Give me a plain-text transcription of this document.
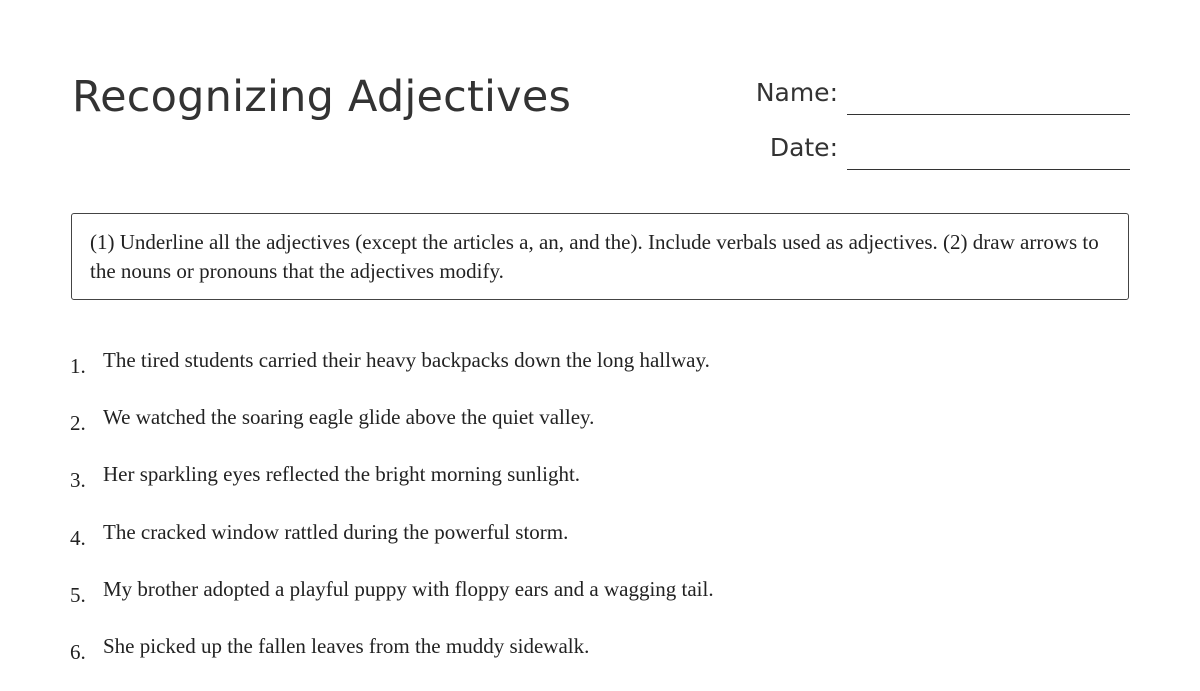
Recognizing Adjectives	Name:
Date:
(1) Underline all the adjectives (except the articles a, an, and the). Include verbals used as adjectives. (2) draw arrows to the nouns or pronouns that the adjectives modify.
1. The tired students carried their heavy backpacks down the long hallway.
2. We watched the soaring eagle glide above the quiet valley.
3. Her sparkling eyes reflected the bright morning sunlight.
4. The cracked window rattled during the powerful storm.
5. My brother adopted a playful puppy with floppy ears and a wagging tail.
6. She picked up the fallen leaves from the muddy sidewalk.
